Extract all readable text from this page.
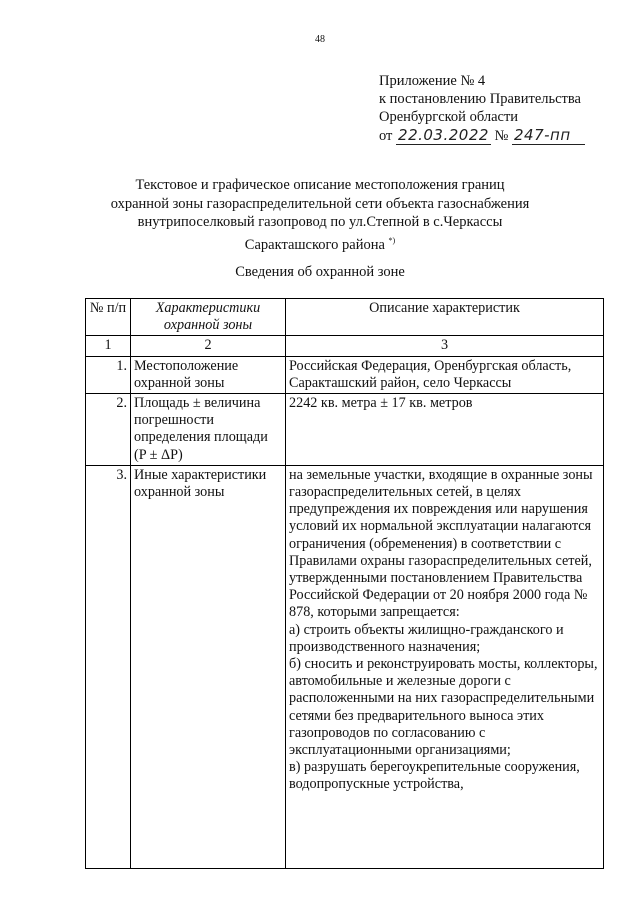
48
Приложение № 4
к постановлению Правительства
Оренбургской области
от 22.03.2022 № 247-пп
Текстовое и графическое описание местоположения границ
охранной зоны газораспределительной сети объекта газоснабжения
внутрипоселковый газопровод по ул.Степной в с.Черкассы
Саракташского района *)
Сведения об охранной зоне
№ п/п	Характеристики охранной зоны	Описание характеристик
1	2	3
1.	Местоположение охранной зоны	Российская Федерация, Оренбургская область, Саракташский район, село Черкассы
2.	Площадь ± величина погрешности определения площади (P ± ΔP)	2242 кв. метра ± 17 кв. метров
3.	Иные характеристики охранной зоны	на земельные участки, входящие в охранные зоны газораспределительных сетей, в целях предупреждения их повреждения или нарушения условий их нормальной эксплуатации налагаются ограничения (обременения) в соответствии с Правилами охраны газораспределительных сетей, утвержденными постановлением Правительства Российской Федерации от 20 ноября 2000 года № 878, которыми запрещается:
а) строить объекты жилищно-гражданского и производственного назначения;
б) сносить и реконструировать мосты, коллекторы, автомобильные и железные дороги с расположенными на них газораспределительными сетями без предварительного выноса этих газопроводов по согласованию с эксплуатационными организациями;
в) разрушать берегоукрепительные сооружения, водопропускные устройства,
